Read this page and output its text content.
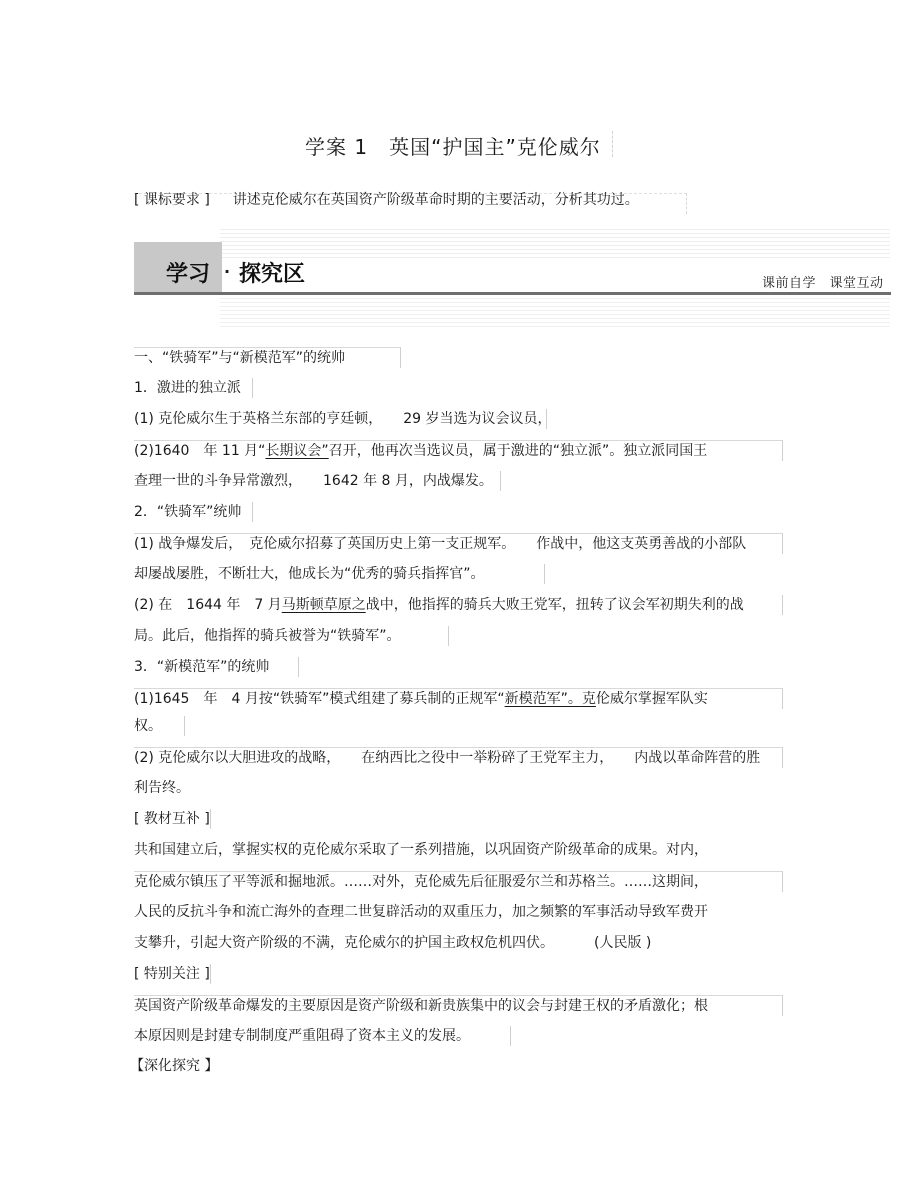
学案 1　英国“护国主”克伦威尔
[ 课标要求 ] 讲述克伦威尔在英国资产阶级革命时期的主要活动，分析其功过。
学习 · 探究区	课前自学　课堂互动
一、“铁骑军”与“新模范军”的统帅
1．激进的独立派
(1) 克伦威尔生于英格兰东部的亨廷顿，　　29 岁当选为议会议员，
(2)1640　年 11 月“长期议会”召开，他再次当选议员，属于激进的“独立派”。独立派同国王
查理一世的斗争异常激烈，　　1642 年 8 月，内战爆发。
2．“铁骑军”统帅
(1) 战争爆发后，　克伦威尔招募了英国历史上第一支正规军。　　作战中，他这支英勇善战的小部队
却屡战屡胜，不断壮大，他成长为“优秀的骑兵指挥官”。
(2) 在　1644 年　7 月马斯顿草原之战中，他指挥的骑兵大败王党军，扭转了议会军初期失利的战
局。此后，他指挥的骑兵被誉为“铁骑军”。
3．“新模范军”的统帅
(1)1645　年　4 月按“铁骑军”模式组建了募兵制的正规军“新模范军”。克伦威尔掌握军队实
权。
(2) 克伦威尔以大胆进攻的战略，　　在纳西比之役中一举粉碎了王党军主力，　　内战以革命阵营的胜
利告终。
[ 教材互补 ]
共和国建立后，掌握实权的克伦威尔采取了一系列措施，以巩固资产阶级革命的成果。对内，
克伦威尔镇压了平等派和掘地派。……对外，克伦威先后征服爱尔兰和苏格兰。……这期间，
人民的反抗斗争和流亡海外的查理二世复辟活动的双重压力，加之频繁的军事活动导致军费开
支攀升，引起大资产阶级的不满，克伦威尔的护国主政权危机四伏。	(人民版 )
[ 特别关注 ]
英国资产阶级革命爆发的主要原因是资产阶级和新贵族集中的议会与封建王权的矛盾激化；根
本原因则是封建专制制度严重阻碍了资本主义的发展。
【深化探究 】
